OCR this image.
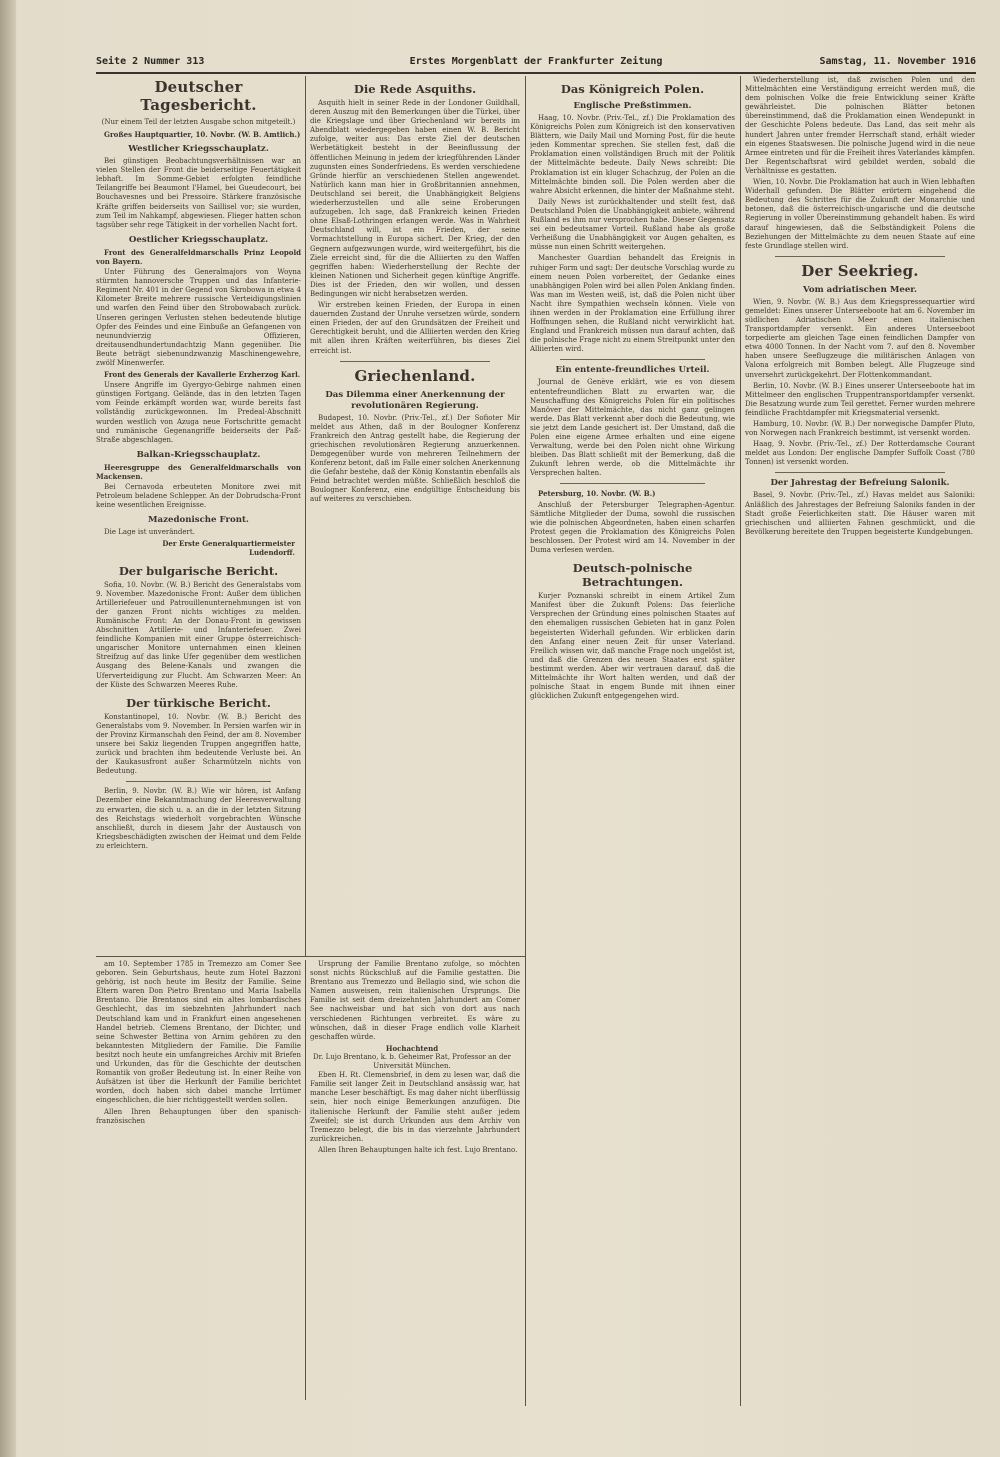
Seite 2 Nummer 313	Erstes Morgenblatt der Frankfurter Zeitung	Samstag, 11. November 1916
Deutscher Tagesbericht.
(Nur einem Teil der letzten Ausgabe schon mitgeteilt.)

Großes Hauptquartier, 10. Novbr. (W. B. Amtlich.)

Westlicher Kriegsschauplatz.

Bei günstigen Beobachtungsverhältnissen war an vielen Stellen der Front die beiderseitige Feuertätigkeit lebhaft. Im Somme-Gebiet erfolgten feindliche Teilangriffe bei Beaumont l'Hamel, bei Gueudecourt, bei Bouchavesnes und bei Pressoire. Stärkere französische Kräfte griffen beiderseits von Saillisel vor; sie wurden, zum Teil im Nahkampf, abgewiesen. Flieger hatten schon tagsüber sehr rege Tätigkeit in der vorhellen Nacht fort.

Oestlicher Kriegsschauplatz.

Front des Generalfeldmarschalls Prinz Leopold von Bayern.

Unter Führung des Generalmajors von Woyna stürmten hannoversche Truppen und das Infanterie-Regiment Nr. 401 in der Gegend von Skrobowa in etwa 4 Kilometer Breite mehrere russische Verteidigungslinien und warfen den Feind über den Strobowabach zurück. Unseren geringen Verlusten stehen bedeutende blutige Opfer des Feindes und eine Einbuße an Gefangenen von neunundvierzig Offizieren, dreitausendhundertundachtzig Mann gegenüber. Die Beute beträgt siebenundzwanzig Maschinengewehre, zwölf Minenwerfer.

Front des Generals der Kavallerie Erzherzog Karl.

Unsere Angriffe im Gyergyo-Gebirge nahmen einen günstigen Fortgang. Gelände, das in den letzten Tagen vom Feinde erkämpft worden war, wurde bereits fast vollständig zurückgewonnen. Im Predeal-Abschnitt wurden westlich von Azuga neue Fortschritte gemacht und rumänische Gegenangriffe beiderseits der Paß-Straße abgeschlagen.

Balkan-Kriegsschauplatz.

Heeresgruppe des Generalfeldmarschalls von Mackensen.

Bei Cernavoda erbeuteten Monitore zwei mit Petroleum beladene Schlepper. An der Dobrudscha-Front keine wesentlichen Ereignisse.

Mazedonische Front.

Die Lage ist unverändert.

Der Erste Generalquartiermeister
Ludendorff.
Der bulgarische Bericht.

Sofia, 10. Novbr. (W. B.) Bericht des Generalstabs vom 9. November. Mazedonische Front: Außer dem üblichen Artilleriefeuer und Patrouillenunternehmungen ist von der ganzen Front nichts wichtiges zu melden. Rumänische Front: An der Donau-Front in gewissen Abschnitten Artillerie- und Infanteriefeuer. Zwei feindliche Kompanien mit einer Gruppe österreichisch-ungarischer Monitore unternahmen einen kleinen Streifzug auf das linke Ufer gegenüber dem westlichen Ausgang des Belene-Kanals und zwangen die Uferverteidigung zur Flucht. Am Schwarzen Meer: An der Küste des Schwarzen Meeres Ruhe.

Der türkische Bericht.

Konstantinopel, 10. Novbr. (W. B.) Bericht des Generalstabs vom 9. November. In Persien warfen wir in der Provinz Kirmanschah den Feind, der am 8. November unsere bei Sakiz liegenden Truppen angegriffen hatte, zurück und brachten ihm bedeutende Verluste bei. An der Kaukasusfront außer Scharmützeln nichts von Bedeutung.

Berlin, 9. Novbr. (W. B.) Wie wir hören, ist Anfang Dezember eine Bekanntmachung der Heeresverwaltung zu erwarten, die sich u. a. an die in der letzten Sitzung des Reichstags wiederholt vorgebrachten Wünsche anschließt, durch in diesem Jahr der Austausch von Kriegsbeschädigten zwischen der Heimat und dem Felde zu erleichtern.

Die Rede Asquiths.

Asquith hielt in seiner Rede in der Londoner Guildhall, deren Auszug mit den Bemerkungen über die Türkei, über die Kriegslage und über Griechenland wir bereits im Abendblatt wiedergegeben haben einen W. B. Bericht zufolge, weiter aus: Das erste Ziel der deutschen Werbetätigkeit besteht in der Beeinflussung der öffentlichen Meinung in jedem der kriegführenden Länder zugunsten eines Sonderfriedens. Es werden verschiedene Gründe hierfür an verschiedenen Stellen angewendet. Natürlich kann man hier in Großbritannien annehmen, Deutschland sei bereit, die Unabhängigkeit Belgiens wiederherzustellen und alle seine Eroberungen aufzugeben. Ich sage, daß Frankreich keinen Frieden ohne Elsaß-Lothringen erlangen werde. Was in Wahrheit Deutschland will, ist ein Frieden, der seine Vormachtstellung in Europa sichert. Der Krieg, der den Gegnern aufgezwungen wurde, wird weitergeführt, bis die Ziele erreicht sind, für die die Alliierten zu den Waffen gegriffen haben: Wiederherstellung der Rechte der kleinen Nationen und Sicherheit gegen künftige Angriffe. Dies ist der Frieden, den wir wollen, und dessen Bedingungen wir nicht herabsetzen werden.

Wir erstreben keinen Frieden, der Europa in einen dauernden Zustand der Unruhe versetzen würde, sondern einen Frieden, der auf den Grundsätzen der Freiheit und Gerechtigkeit beruht, und die Alliierten werden den Krieg mit allen ihren Kräften weiterführen, bis dieses Ziel erreicht ist.

Griechenland.
Das Dilemma einer Anerkennung der revolutionären Regierung.

Budapest, 10. Novbr. (Priv.-Tel., zf.) Der Sofioter Mir meldet aus Athen, daß in der Boulogner Konferenz Frankreich den Antrag gestellt habe, die Regierung der griechischen revolutionären Regierung anzuerkennen. Demgegenüber wurde von mehreren Teilnehmern der Konferenz betont, daß im Falle einer solchen Anerkennung die Gefahr bestehe, daß der König Konstantin ebenfalls als Feind betrachtet werden müßte. Schließlich beschloß die Boulogner Konferenz, eine endgültige Entscheidung bis auf weiteres zu verschieben.

am 10. September 1785 in Tremezzo am Comer See geboren. Sein Geburtshaus, heute zum Hotel Bazzoni gehörig, ist noch heute im Besitz der Familie. Seine Eltern waren Don Pietro Brentano und Maria Isabella Brentano. Die Brentanos sind ein altes lombardisches Geschlecht, das im siebzehnten Jahrhundert nach Deutschland kam und in Frankfurt einen angesehenen Handel betrieb. Clemens Brentano, der Dichter, und seine Schwester Bettina von Arnim gehören zu den bekanntesten Mitgliedern der Familie. Die Familie besitzt noch heute ein umfangreiches Archiv mit Briefen und Urkunden, das für die Geschichte der deutschen Romantik von großer Bedeutung ist. In einer Reihe von Aufsätzen ist über die Herkunft der Familie berichtet worden, doch haben sich dabei manche Irrtümer eingeschlichen, die hier richtiggestellt werden sollen.

Allen Ihren Behauptungen über den spanisch-französischen

Ursprung der Familie Brentano zufolge, so möchten sonst nichts Rückschluß auf die Familie gestatten. Die Brentano aus Tremezzo und Bellagio sind, wie schon die Namen ausweisen, rein italienischen Ursprungs. Die Familie ist seit dem dreizehnten Jahrhundert am Comer See nachweisbar und hat sich von dort aus nach verschiedenen Richtungen verbreitet. Es wäre zu wünschen, daß in dieser Frage endlich volle Klarheit geschaffen würde.

Hochachtend
Dr. Lujo Brentano, k. b. Geheimer Rat, Professor an der Universität München.

Eben H. Rt. Clemensbrief, in dem zu lesen war, daß die Familie seit langer Zeit in Deutschland ansässig war, hat manche Leser beschäftigt. Es mag daher nicht überflüssig sein, hier noch einige Bemerkungen anzufügen. Die italienische Herkunft der Familie steht außer jedem Zweifel; sie ist durch Urkunden aus dem Archiv von Tremezzo belegt, die bis in das vierzehnte Jahrhundert zurückreichen.

Allen Ihren Behauptungen halte ich fest. Lujo Brentano.

Das Königreich Polen.
Englische Preßstimmen.

Haag, 10. Novbr. (Priv.-Tel., zf.) Die Proklamation des Königreichs Polen zum Königreich ist den konservativen Blättern, wie Daily Mail und Morning Post, für die heute jeden Kommentar sprechen. Sie stellen fest, daß die Proklamation einen vollständigen Bruch mit der Politik der Mittelmächte bedeute. Daily News schreibt: Die Proklamation ist ein kluger Schachzug, der Polen an die Mittelmächte binden soll. Die Polen werden aber die wahre Absicht erkennen, die hinter der Maßnahme steht.

Daily News ist zurückhaltender und stellt fest, daß Deutschland Polen die Unabhängigkeit anbiete, während Rußland es ihm nur versprochen habe. Dieser Gegensatz sei ein bedeutsamer Vorteil. Rußland habe als große Verheißung die Unabhängigkeit vor Augen gehalten, es müsse nun einen Schritt weitergehen.

Manchester Guardian behandelt das Ereignis in ruhiger Form und sagt: Der deutsche Vorschlag wurde zu einem neuen Polen vorbereitet, der Gedanke eines unabhängigen Polen wird bei allen Polen Anklang finden. Was man im Westen weiß, ist, daß die Polen nicht über Nacht ihre Sympathien wechseln können. Viele von ihnen werden in der Proklamation eine Erfüllung ihrer Hoffnungen sehen, die Rußland nicht verwirklicht hat. England und Frankreich müssen nun darauf achten, daß die polnische Frage nicht zu einem Streitpunkt unter den Alliierten wird.

Ein entente-freundliches Urteil.

Journal de Genève erklärt, wie es von diesem ententefreundlichen Blatt zu erwarten war, die Neuschaffung des Königreichs Polen für ein politisches Manöver der Mittelmächte, das nicht ganz gelingen werde. Das Blatt verkennt aber doch die Bedeutung, wie sie jetzt dem Lande gesichert ist. Der Umstand, daß die Polen eine eigene Armee erhalten und eine eigene Verwaltung, werde bei den Polen nicht ohne Wirkung bleiben. Das Blatt schließt mit der Bemerkung, daß die Zukunft lehren werde, ob die Mittelmächte ihr Versprechen halten.

Petersburg, 10. Novbr. (W. B.)

Anschluß der Petersburger Telegraphen-Agentur. Sämtliche Mitglieder der Duma, sowohl die russischen wie die polnischen Abgeordneten, haben einen scharfen Protest gegen die Proklamation des Königreichs Polen beschlossen. Der Protest wird am 14. November in der Duma verlesen werden.

Deutsch-polnische Betrachtungen.

Kurjer Poznanski schreibt in einem Artikel Zum Manifest über die Zukunft Polens: Das feierliche Versprechen der Gründung eines polnischen Staates auf den ehemaligen russischen Gebieten hat in ganz Polen begeisterten Widerhall gefunden. Wir erblicken darin den Anfang einer neuen Zeit für unser Vaterland. Freilich wissen wir, daß manche Frage noch ungelöst ist, und daß die Grenzen des neuen Staates erst später bestimmt werden. Aber wir vertrauen darauf, daß die Mittelmächte ihr Wort halten werden, und daß der polnische Staat in engem Bunde mit ihnen einer glücklichen Zukunft entgegengehen wird.

Wiederherstellung ist, daß zwischen Polen und den Mittelmächten eine Verständigung erreicht werden muß, die dem polnischen Volke die freie Entwicklung seiner Kräfte gewährleistet. Die polnischen Blätter betonen übereinstimmend, daß die Proklamation einen Wendepunkt in der Geschichte Polens bedeute. Das Land, das seit mehr als hundert Jahren unter fremder Herrschaft stand, erhält wieder ein eigenes Staatswesen. Die polnische Jugend wird in die neue Armee eintreten und für die Freiheit ihres Vaterlandes kämpfen. Der Regentschaftsrat wird gebildet werden, sobald die Verhältnisse es gestatten.

Wien, 10. Novbr. Die Proklamation hat auch in Wien lebhaften Widerhall gefunden. Die Blätter erörtern eingehend die Bedeutung des Schrittes für die Zukunft der Monarchie und betonen, daß die österreichisch-ungarische und die deutsche Regierung in voller Übereinstimmung gehandelt haben. Es wird darauf hingewiesen, daß die Selbständigkeit Polens die Beziehungen der Mittelmächte zu dem neuen Staate auf eine feste Grundlage stellen wird.

Der Seekrieg.
Vom adriatischen Meer.

Wien, 9. Novbr. (W. B.) Aus dem Kriegspressequartier wird gemeldet: Eines unserer Unterseeboote hat am 6. November im südlichen Adriatischen Meer einen italienischen Transportdampfer versenkt. Ein anderes Unterseeboot torpedierte am gleichen Tage einen feindlichen Dampfer von etwa 4000 Tonnen. In der Nacht vom 7. auf den 8. November haben unsere Seeflugzeuge die militärischen Anlagen von Valona erfolgreich mit Bomben belegt. Alle Flugzeuge sind unversehrt zurückgekehrt. Der Flottenkommandant.

Berlin, 10. Novbr. (W. B.) Eines unserer Unterseeboote hat im Mittelmeer den englischen Truppentransportdampfer versenkt. Die Besatzung wurde zum Teil gerettet. Ferner wurden mehrere feindliche Frachtdampfer mit Kriegsmaterial versenkt.

Hamburg, 10. Novbr. (W. B.) Der norwegische Dampfer Pluto, von Norwegen nach Frankreich bestimmt, ist versenkt worden.

Haag, 9. Novbr. (Priv.-Tel., zf.) Der Rotterdamsche Courant meldet aus London: Der englische Dampfer Suffolk Coast (780 Tonnen) ist versenkt worden.

Der Jahrestag der Befreiung Salonik.

Basel, 9. Novbr. (Priv.-Tel., zf.) Havas meldet aus Saloniki: Anläßlich des Jahrestages der Befreiung Saloniks fanden in der Stadt große Feierlichkeiten statt. Die Häuser waren mit griechischen und alliierten Fahnen geschmückt, und die Bevölkerung bereitete den Truppen begeisterte Kundgebungen.
